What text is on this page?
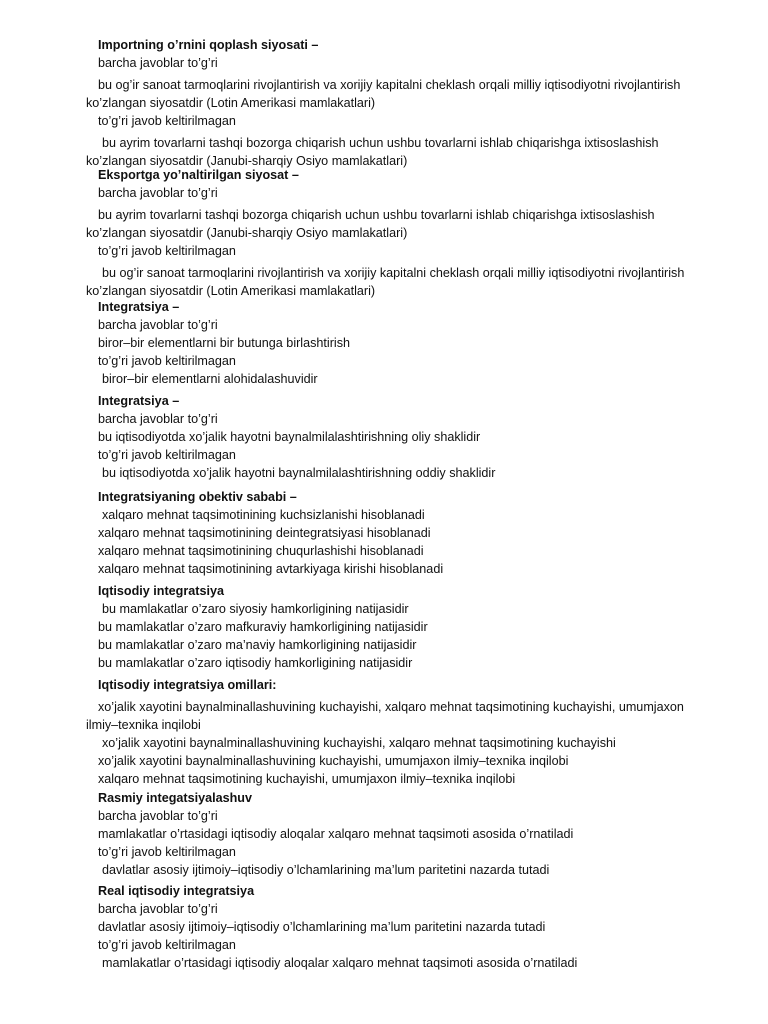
Importning o’rnini qoplash siyosati –
barcha javoblar to’g’ri
bu og’ir sanoat tarmoqlarini rivojlantirish va xorijiy kapitalni cheklash orqali milliy iqtisodiyotni rivojlantirish ko’zlangan siyosatdir (Lotin Amerikasi mamlakatlari)
to’g’ri javob keltirilmagan
bu ayrim tovarlarni tashqi bozorga chiqarish uchun ushbu tovarlarni ishlab chiqarishga ixtisoslashish ko’zlangan siyosatdir (Janubi-sharqiy Osiyo mamlakatlari)
Eksportga yo’naltirilgan siyosat –
barcha javoblar to’g’ri
bu ayrim tovarlarni tashqi bozorga chiqarish uchun ushbu tovarlarni ishlab chiqarishga ixtisoslashish ko’zlangan siyosatdir (Janubi-sharqiy Osiyo mamlakatlari)
to’g’ri javob keltirilmagan
bu og’ir sanoat tarmoqlarini rivojlantirish va xorijiy kapitalni cheklash orqali milliy iqtisodiyotni rivojlantirish ko’zlangan siyosatdir (Lotin Amerikasi mamlakatlari)
Integratsiya –
barcha javoblar to’g’ri
biror–bir elementlarni bir butunga birlashtirish
to’g’ri javob keltirilmagan
biror–bir elementlarni alohidalashuvidir
Integratsiya –
barcha javoblar to’g’ri
bu iqtisodiyotda xo’jalik hayotni baynalmilalashtirishning oliy shaklidir
to’g’ri javob keltirilmagan
bu iqtisodiyotda xo’jalik hayotni baynalmilalashtirishning oddiy shaklidir
Integratsiyaning obektiv sababi –
xalqaro mehnat taqsimotinining kuchsizlanishi hisoblanadi
xalqaro mehnat taqsimotinining deintegratsiyasi hisoblanadi
xalqaro mehnat taqsimotinining chuqurlashishi hisoblanadi
xalqaro mehnat taqsimotinining avtarkiyaga kirishi hisoblanadi
Iqtisodiy integratsiya
bu mamlakatlar o’zaro siyosiy hamkorligining natijasidir
bu mamlakatlar o’zaro mafkuraviy hamkorligining natijasidir
bu mamlakatlar o’zaro ma’naviy hamkorligining natijasidir
bu mamlakatlar o’zaro iqtisodiy hamkorligining natijasidir
Iqtisodiy integratsiya omillari:
xo’jalik xayotini baynalminallashuvining kuchayishi, xalqaro mehnat taqsimotining kuchayishi, umumjaxon ilmiy–texnika inqilobi
xo’jalik xayotini baynalminallashuvining kuchayishi, xalqaro mehnat taqsimotining kuchayishi
xo’jalik xayotini baynalminallashuvining kuchayishi, umumjaxon ilmiy–texnika inqilobi
xalqaro mehnat taqsimotining kuchayishi, umumjaxon ilmiy–texnika inqilobi
Rasmiy integatsiyalashuv
barcha javoblar to’g’ri
mamlakatlar o’rtasidagi iqtisodiy aloqalar xalqaro mehnat taqsimoti asosida o’rnatiladi
to’g’ri javob keltirilmagan
davlatlar asosiy ijtimoiy–iqtisodiy o’lchamlarining ma’lum paritetini nazarda tutadi
Real iqtisodiy integratsiya
barcha javoblar to’g’ri
davlatlar asosiy ijtimoiy–iqtisodiy o’lchamlarining ma’lum paritetini nazarda tutadi
to’g’ri javob keltirilmagan
mamlakatlar o’rtasidagi iqtisodiy aloqalar xalqaro mehnat taqsimoti asosida o’rnatiladi
